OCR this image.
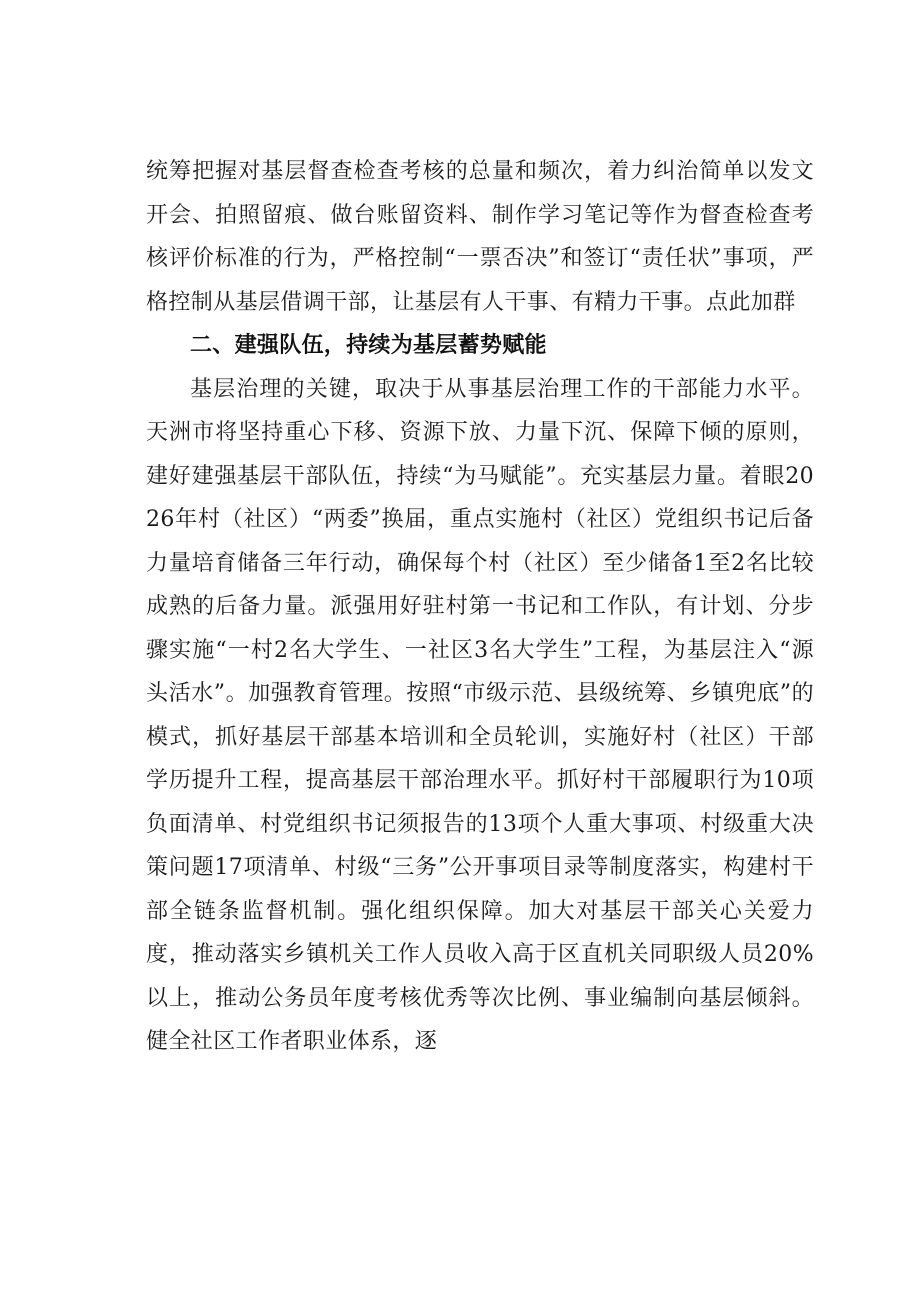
统筹把握对基层督查检查考核的总量和频次，着力纠治简单以发文开会、拍照留痕、做台账留资料、制作学习笔记等作为督查检查考核评价标准的行为，严格控制“一票否决”和签订“责任状”事项，严格控制从基层借调干部，让基层有人干事、有精力干事。点此加群

二、建强队伍，持续为基层蓄势赋能

基层治理的关键，取决于从事基层治理工作的干部能力水平。天洲市将坚持重心下移、资源下放、力量下沉、保障下倾的原则，建好建强基层干部队伍，持续“为马赋能”。充实基层力量。着眼2026年村（社区）“两委”换届，重点实施村（社区）党组织书记后备力量培育储备三年行动，确保每个村（社区）至少储备1至2名比较成熟的后备力量。派强用好驻村第一书记和工作队，有计划、分步骤实施“一村2名大学生、一社区3名大学生”工程，为基层注入“源头活水”。加强教育管理。按照“市级示范、县级统筹、乡镇兜底”的模式，抓好基层干部基本培训和全员轮训，实施好村（社区）干部学历提升工程，提高基层干部治理水平。抓好村干部履职行为10项负面清单、村党组织书记须报告的13项个人重大事项、村级重大决策问题17项清单、村级“三务”公开事项目录等制度落实，构建村干部全链条监督机制。强化组织保障。加大对基层干部关心关爱力度，推动落实乡镇机关工作人员收入高于区直机关同职级人员20%以上，推动公务员年度考核优秀等次比例、事业编制向基层倾斜。健全社区工作者职业体系，逐
